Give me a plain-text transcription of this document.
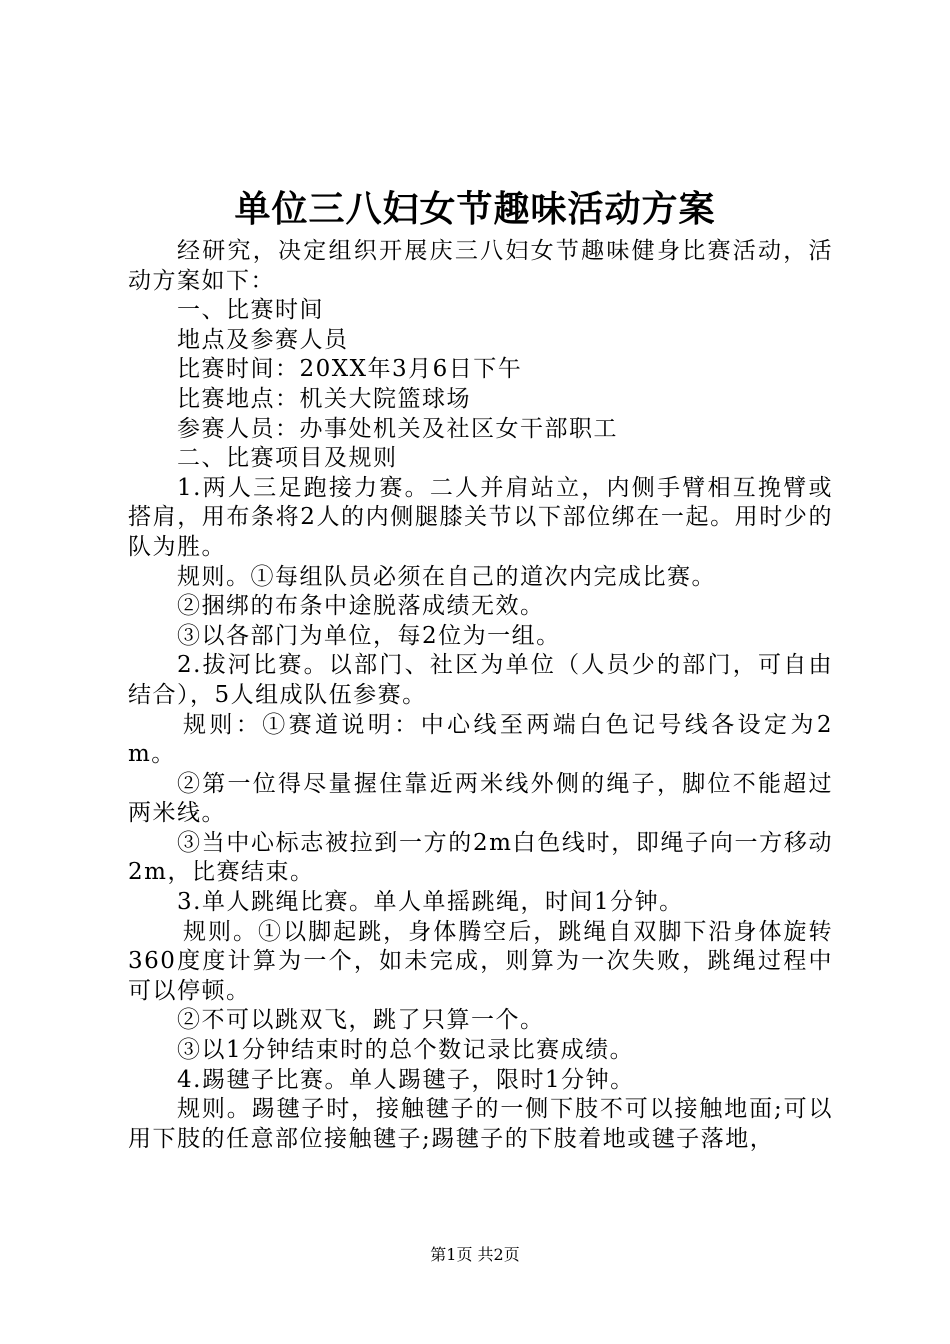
单位三八妇女节趣味活动方案

经研究，决定组织开展庆三八妇女节趣味健身比赛活动，活动方案如下：

一、比赛时间

地点及参赛人员

比赛时间：20XX年3月6日下午

比赛地点：机关大院篮球场

参赛人员：办事处机关及社区女干部职工

二、比赛项目及规则

1.两人三足跑接力赛。二人并肩站立，内侧手臂相互挽臂或搭肩，用布条将2人的内侧腿膝关节以下部位绑在一起。用时少的队为胜。

规则。①每组队员必须在自己的道次内完成比赛。

②捆绑的布条中途脱落成绩无效。

③以各部门为单位，每2位为一组。

2.拔河比赛。以部门、社区为单位（人员少的部门，可自由结合），5人组成队伍参赛。

规则：①赛道说明：中心线至两端白色记号线各设定为2m。

②第一位得尽量握住靠近两米线外侧的绳子，脚位不能超过两米线。

③当中心标志被拉到一方的2m白色线时，即绳子向一方移动2m，比赛结束。

3.单人跳绳比赛。单人单摇跳绳，时间1分钟。

规则。①以脚起跳，身体腾空后，跳绳自双脚下沿身体旋转360度度计算为一个，如未完成，则算为一次失败，跳绳过程中可以停顿。

②不可以跳双飞，跳了只算一个。

③以1分钟结束时的总个数记录比赛成绩。

4.踢毽子比赛。单人踢毽子，限时1分钟。

规则。踢毽子时，接触毽子的一侧下肢不可以接触地面;可以用下肢的任意部位接触毽子;踢毽子的下肢着地或毽子落地，

第1页 共2页
